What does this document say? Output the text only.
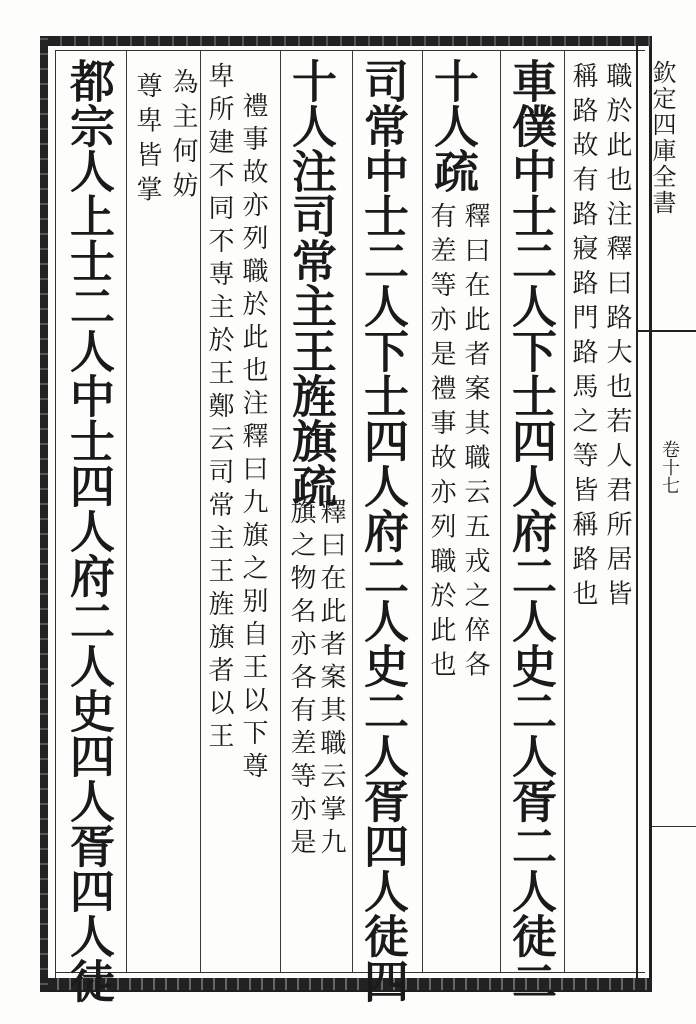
欽定四庫全書
卷十七
職於此也注釋曰路大也若人君所居皆
稱路故有路寢路門路馬之等皆稱路也
車僕中士二人下士四人府二人史二人胥二人徒二
十人疏
釋曰在此者案其職云五戎之倅各
有差等亦是禮事故亦列職於此也
司常中士二人下士四人府二人史二人胥四人徒四
十人注司常主王旌旗疏
釋曰在此者案其職云掌九
旗之物名亦各有差等亦是
禮事故亦列職於此也注釋曰九旗之别自王以下尊
卑所建不同不専主於王鄭云司常主王旌旗者以王
為主何妨
尊卑皆掌
都宗人上士二人中士四人府二人史四人胥四人徒
